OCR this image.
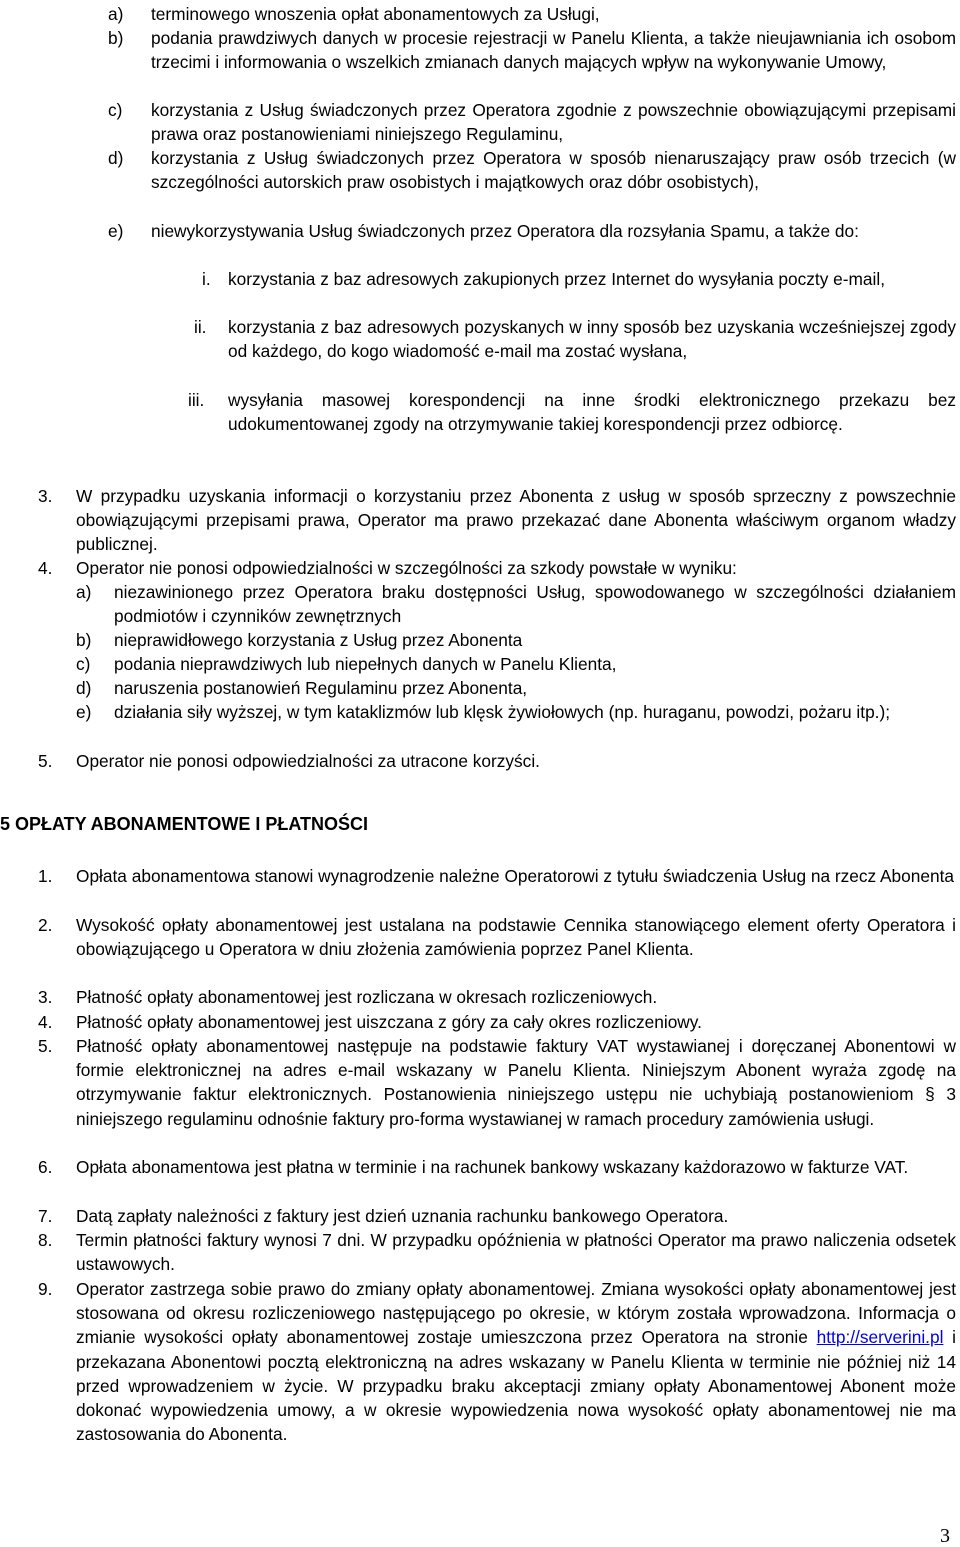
a) terminowego wnoszenia opłat abonamentowych za Usługi,
b) podania prawdziwych danych w procesie rejestracji w Panelu Klienta, a także nieujawniania ich osobom trzecimi i informowania o wszelkich zmianach danych mających wpływ na wykonywanie Umowy,
c) korzystania z Usług świadczonych przez Operatora zgodnie z powszechnie obowiązującymi przepisami prawa oraz postanowieniami niniejszego Regulaminu,
d) korzystania z Usług świadczonych przez Operatora w sposób nienaruszający praw osób trzecich (w szczególności autorskich praw osobistych i majątkowych oraz dóbr osobistych),
e) niewykorzystywania Usług świadczonych przez Operatora dla rozsyłania Spamu, a także do:
i. korzystania z baz adresowych zakupionych przez Internet do wysyłania poczty e-mail,
ii. korzystania z baz adresowych pozyskanych w inny sposób bez uzyskania wcześniejszej zgody od każdego, do kogo wiadomość e-mail ma zostać wysłana,
iii. wysyłania masowej korespondencji na inne środki elektronicznego przekazu bez udokumentowanej zgody na otrzymywanie takiej korespondencji przez odbiorcę.
3. W przypadku uzyskania informacji o korzystaniu przez Abonenta z usług w sposób sprzeczny z powszechnie obowiązującymi przepisami prawa, Operator ma prawo przekazać dane Abonenta właściwym organom władzy publicznej.
4. Operator nie ponosi odpowiedzialności w szczególności za szkody powstałe w wyniku:
a) niezawinionego przez Operatora braku dostępności Usług, spowodowanego w szczególności działaniem podmiotów i czynników zewnętrznych
b) nieprawidłowego korzystania z Usług przez Abonenta
c) podania nieprawdziwych lub niepełnych danych w Panelu Klienta,
d) naruszenia postanowień Regulaminu przez Abonenta,
e) działania siły wyższej, w tym kataklizmów lub klęsk żywiołowych (np. huraganu, powodzi, pożaru itp.);
5. Operator nie ponosi odpowiedzialności za utracone korzyści.
5 OPŁATY ABONAMENTOWE I PŁATNOŚCI
1. Opłata abonamentowa stanowi wynagrodzenie należne Operatorowi z tytułu świadczenia Usług na rzecz Abonenta
2. Wysokość opłaty abonamentowej jest ustalana na podstawie Cennika stanowiącego element oferty Operatora i obowiązującego u Operatora w dniu złożenia zamówienia poprzez Panel Klienta.
3. Płatność opłaty abonamentowej jest rozliczana w okresach rozliczeniowych.
4. Płatność opłaty abonamentowej jest uiszczana z góry za cały okres rozliczeniowy.
5. Płatność opłaty abonamentowej następuje na podstawie faktury VAT wystawianej i doręczanej Abonentowi w formie elektronicznej na adres e-mail wskazany w Panelu Klienta. Niniejszym Abonent wyraża zgodę na otrzymywanie faktur elektronicznych. Postanowienia niniejszego ustępu nie uchybiają postanowieniom § 3 niniejszego regulaminu odnośnie faktury pro-forma wystawianej w ramach procedury zamówienia usługi.
6. Opłata abonamentowa jest płatna w terminie i na rachunek bankowy wskazany każdorazowo w fakturze VAT.
7. Datą zapłaty należności z faktury jest dzień uznania rachunku bankowego Operatora.
8. Termin płatności faktury wynosi 7 dni. W przypadku opóźnienia w płatności Operator ma prawo naliczenia odsetek ustawowych.
9. Operator zastrzega sobie prawo do zmiany opłaty abonamentowej. Zmiana wysokości opłaty abonamentowej jest stosowana od okresu rozliczeniowego następującego po okresie, w którym została wprowadzona. Informacja o zmianie wysokości opłaty abonamentowej zostaje umieszczona przez Operatora na stronie http://serverini.pl i przekazana Abonentowi pocztą elektroniczną na adres wskazany w Panelu Klienta w terminie nie później niż 14 przed wprowadzeniem w życie. W przypadku braku akceptacji zmiany opłaty Abonamentowej Abonent może dokonać wypowiedzenia umowy, a w okresie wypowiedzenia nowa wysokość opłaty abonamentowej nie ma zastosowania do Abonenta.
3
